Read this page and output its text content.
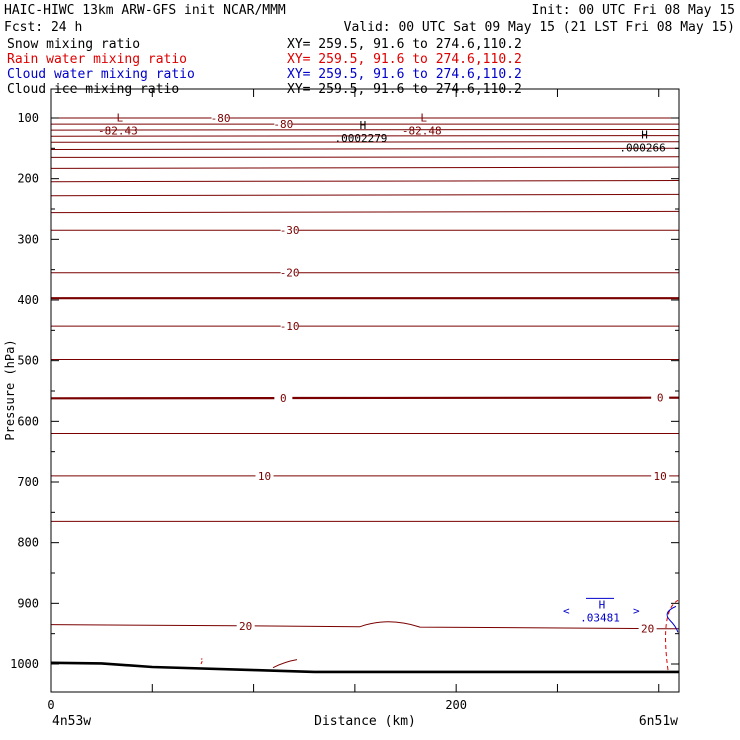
HAIC-HIWC 13km ARW-GFS init NCAR/MMM	Init: 00 UTC Fri 08 May 15
Fcst: 24 h	Valid: 00 UTC Sat 09 May 15 (21 LST Fri 08 May 15)
Snow mixing ratio	XY= 259.5, 91.6 to 274.6,110.2
Rain water mixing ratio	XY= 259.5, 91.6 to 274.6,110.2
Cloud water mixing ratio	XY= 259.5, 91.6 to 274.6,110.2
Cloud ice mixing ratio	XY= 259.5, 91.6 to 274.6,110.2
-80	-80
-30
-20
-10
0	0
10	10
20	20
L
-82.43
L
-82.48
H
.0002279	H
.000266
H
.03481
<	>
100
200
300
400
500
600
700
800
900
1000
0	200
Pressure (hPa)
Distance (km)
4n53w	6n51w
